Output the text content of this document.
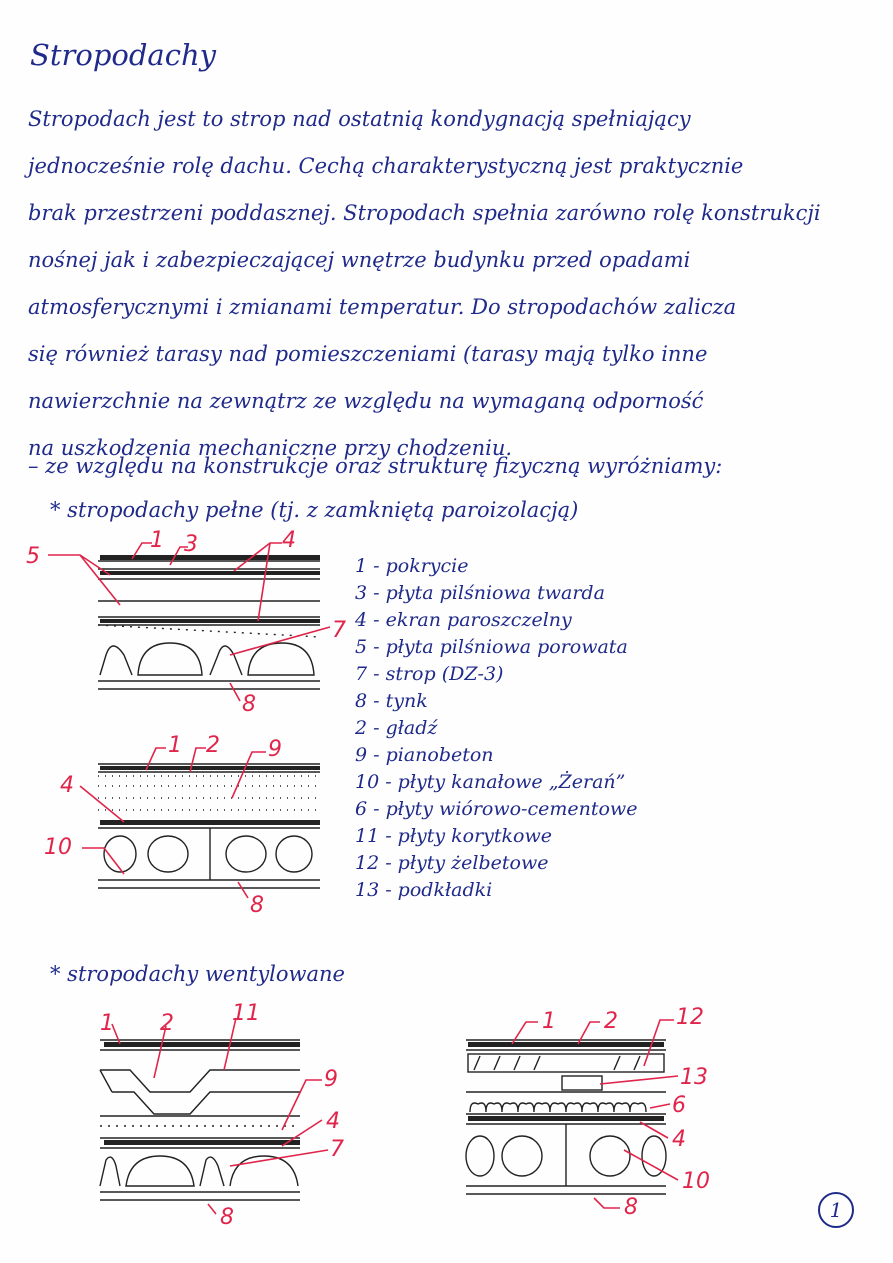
Stropodachy
Stropodach jest to strop nad ostatnią kondygnacją spełniający
jednocześnie rolę dachu. Cechą charakterystyczną jest praktycznie
brak przestrzeni poddasznej. Stropodach spełnia zarówno rolę konstrukcji
nośnej jak i zabezpieczającej wnętrze budynku przed opadami
atmosferycznymi i zmianami temperatur. Do stropodachów zalicza
się również tarasy nad pomieszczeniami (tarasy mają tylko inne
nawierzchnie na zewnątrz ze względu na wymaganą odporność
na uszkodzenia mechaniczne przy chodzeniu.
– ze względu na konstrukcje oraz strukturę fizyczną wyróżniamy:
* stropodachy pełne (tj. z zamkniętą paroizolacją)
* stropodachy wentylowane
1 - pokrycie
3 - płyta pilśniowa twarda
4 - ekran paroszczelny
5 - płyta pilśniowa porowata
7 - strop (DZ-3)
8 - tynk
2 - gładź
9 - pianobeton
10 - płyty kanałowe „Żerań”
6 - płyty wiórowo-cementowe
11 - płyty korytkowe
12 - płyty żelbetowe
13 - podkładki
5
1 3	4
7
8
4
1 2 9
10
8
1 2	11
9
4
7
8
1 2	12
13
6
4
10
8	1
